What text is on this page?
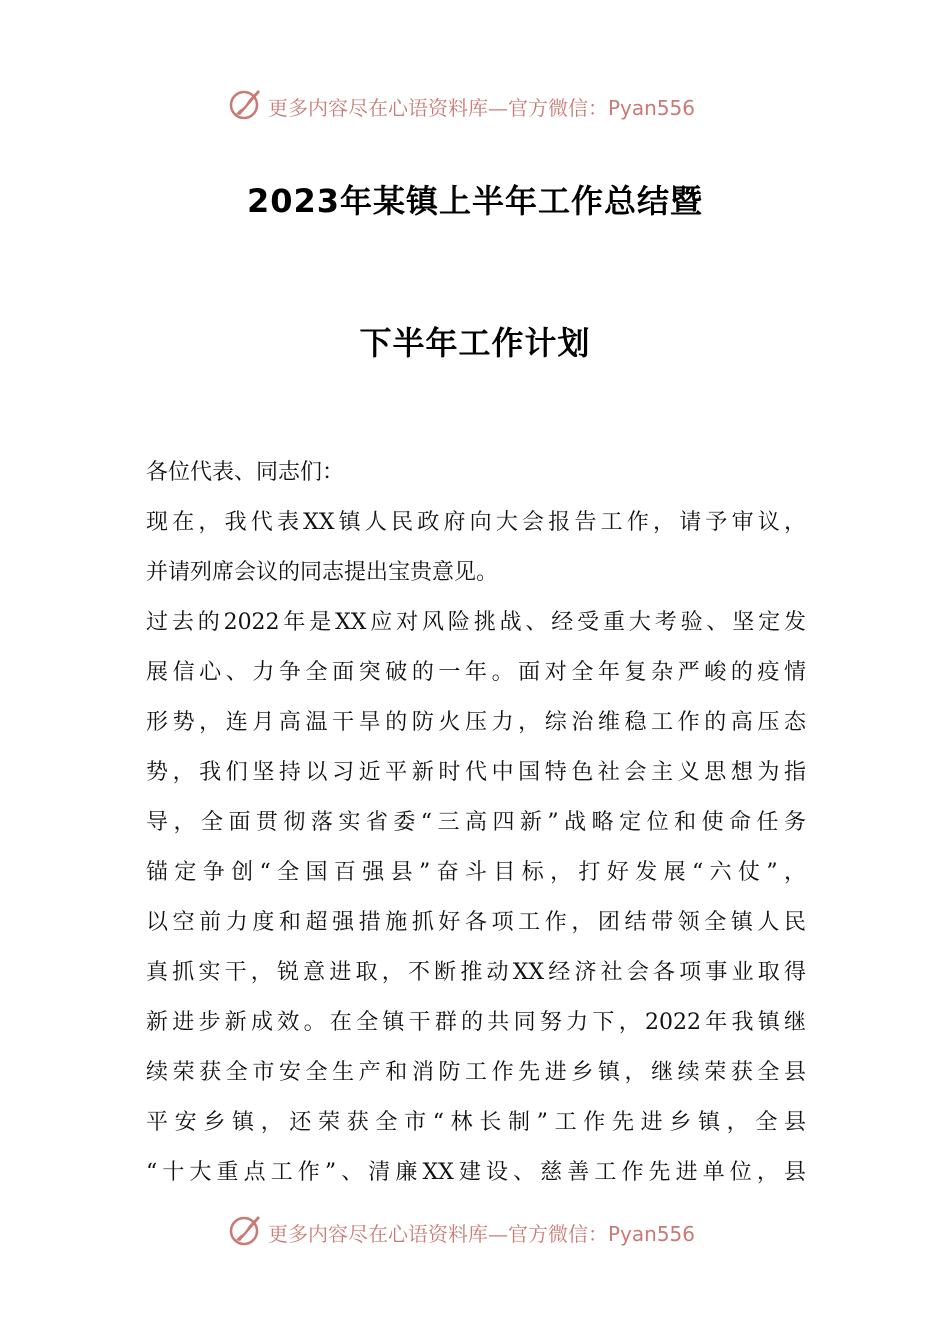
更多内容尽在心语资料库—官方微信：Pyan556
2023年某镇上半年工作总结暨
下半年工作计划
各位代表、同志们：
现在，我代表XX镇人民政府向大会报告工作，请予审议，
并请列席会议的同志提出宝贵意见。
过去的2022年是XX应对风险挑战、经受重大考验、坚定发
展信心、力争全面突破的一年。面对全年复杂严峻的疫情
形势，连月高温干旱的防火压力，综治维稳工作的高压态
势，我们坚持以习近平新时代中国特色社会主义思想为指
导，全面贯彻落实省委“三高四新”战略定位和使命任务
锚定争创“全国百强县”奋斗目标，打好发展“六仗”，
以空前力度和超强措施抓好各项工作，团结带领全镇人民
真抓实干，锐意进取，不断推动XX经济社会各项事业取得
新进步新成效。在全镇干群的共同努力下，2022年我镇继
续荣获全市安全生产和消防工作先进乡镇，继续荣获全县
平安乡镇，还荣获全市“林长制”工作先进乡镇，全县
“十大重点工作”、清廉XX建设、慈善工作先进单位，县
更多内容尽在心语资料库—官方微信：Pyan556
